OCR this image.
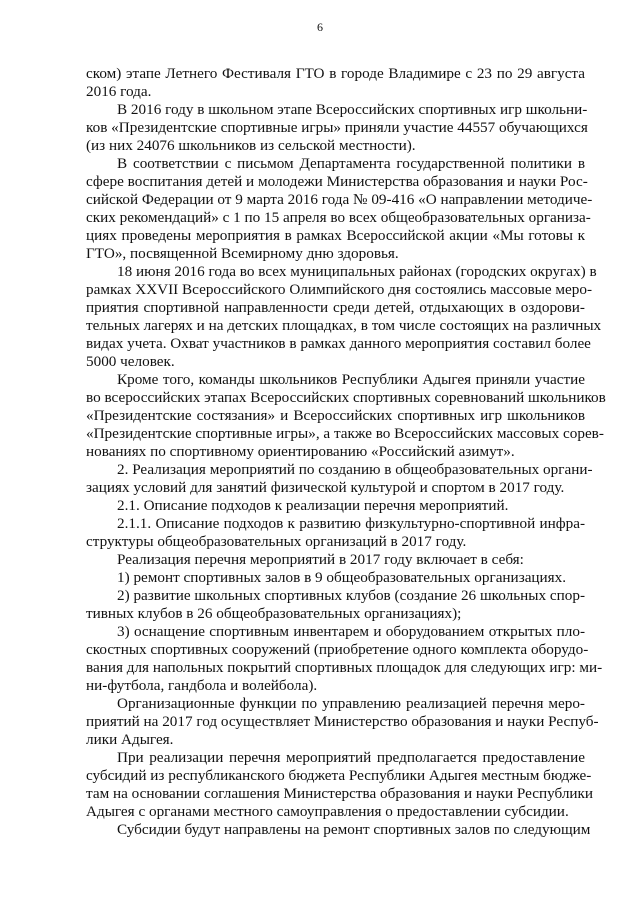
6
ском) этапе Летнего Фестиваля ГТО в городе Владимире с 23 по 29 августа
2016 года.
В 2016 году в школьном этапе Всероссийских спортивных игр школьни-
ков «Президентские спортивные игры» приняли участие 44557 обучающихся
(из них 24076 школьников из сельской местности).
В соответствии с письмом Департамента государственной политики в
сфере воспитания детей и молодежи Министерства образования и науки Рос-
сийской Федерации от 9 марта 2016 года № 09-416 «О направлении методиче-
ских рекомендаций» с 1 по 15 апреля во всех общеобразовательных организа-
циях проведены мероприятия в рамках Всероссийской акции «Мы готовы к
ГТО», посвященной Всемирному дню здоровья.
18 июня 2016 года во всех муниципальных районах (городских округах) в
рамках XXVII Всероссийского Олимпийского дня состоялись массовые меро-
приятия спортивной направленности среди детей, отдыхающих в оздорови-
тельных лагерях и на детских площадках, в том числе состоящих на различных
видах учета. Охват участников в рамках данного мероприятия составил более
5000 человек.
Кроме того, команды школьников Республики Адыгея приняли участие
во всероссийских этапах Всероссийских спортивных соревнований школьников
«Президентские состязания» и Всероссийских спортивных игр школьников
«Президентские спортивные игры», а также во Всероссийских массовых сорев-
нованиях по спортивному ориентированию «Российский азимут».
2. Реализация мероприятий по созданию в общеобразовательных органи-
зациях условий для занятий физической культурой и спортом в 2017 году.
2.1. Описание подходов к реализации перечня мероприятий.
2.1.1. Описание подходов к развитию физкультурно-спортивной инфра-
структуры общеобразовательных организаций в 2017 году.
Реализация перечня мероприятий в 2017 году включает в себя:
1) ремонт спортивных залов в 9 общеобразовательных организациях.
2) развитие школьных спортивных клубов (создание 26 школьных спор-
тивных клубов в 26 общеобразовательных организациях);
3) оснащение спортивным инвентарем и оборудованием открытых пло-
скостных спортивных сооружений (приобретение одного комплекта оборудо-
вания для напольных покрытий спортивных площадок для следующих игр: ми-
ни-футбола, гандбола и волейбола).
Организационные функции по управлению реализацией перечня меро-
приятий на 2017 год осуществляет Министерство образования и науки Респуб-
лики Адыгея.
При реализации перечня мероприятий предполагается предоставление
субсидий из республиканского бюджета Республики Адыгея местным бюдже-
там на основании соглашения Министерства образования и науки Республики
Адыгея с органами местного самоуправления о предоставлении субсидии.
Субсидии будут направлены на ремонт спортивных залов по следующим
